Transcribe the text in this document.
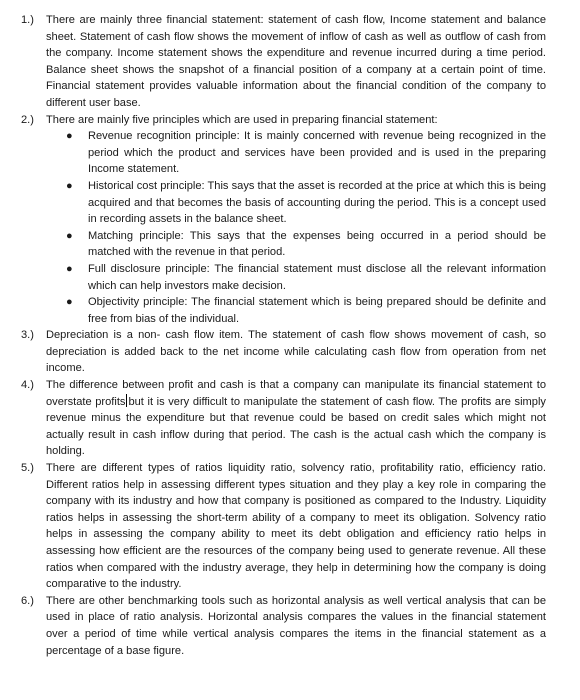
1.)	There are mainly three financial statement: statement of cash flow, Income statement and balance sheet. Statement of cash flow shows the movement of inflow of cash as well as outflow of cash from the company. Income statement shows the expenditure and revenue incurred during a time period. Balance sheet shows the snapshot of a financial position of a company at a certain point of time. Financial statement provides valuable information about the financial condition of the company to different user base.
2.)	There are mainly five principles which are used in preparing financial statement:
● Revenue recognition principle: It is mainly concerned with revenue being recognized in the period which the product and services have been provided and is used in the preparing Income statement.
● Historical cost principle: This says that the asset is recorded at the price at which this is being acquired and that becomes the basis of accounting during the period. This is a concept used in recording assets in the balance sheet.
● Matching principle: This says that the expenses being occurred in a period should be matched with the revenue in that period.
● Full disclosure principle: The financial statement must disclose all the relevant information which can help investors make decision.
● Objectivity principle: The financial statement which is being prepared should be definite and free from bias of the individual.
3.)	Depreciation is a non- cash flow item. The statement of cash flow shows movement of cash, so depreciation is added back to the net income while calculating cash flow from operation from net income.
4.)	The difference between profit and cash is that a company can manipulate its financial statement to overstate profits but it is very difficult to manipulate the statement of cash flow. The profits are simply revenue minus the expenditure but that revenue could be based on credit sales which might not actually result in cash inflow during that period. The cash is the actual cash which the company is holding.
5.)	There are different types of ratios liquidity ratio, solvency ratio, profitability ratio, efficiency ratio. Different ratios help in assessing different types situation and they play a key role in comparing the company with its industry and how that company is positioned as compared to the Industry. Liquidity ratios helps in assessing the short-term ability of a company to meet its obligation. Solvency ratio helps in assessing the company ability to meet its debt obligation and efficiency ratio helps in assessing how efficient are the resources of the company being used to generate revenue. All these ratios when compared with the industry average, they help in determining how the company is doing comparative to the industry.
6.)	There are other benchmarking tools such as horizontal analysis as well vertical analysis that can be used in place of ratio analysis. Horizontal analysis compares the values in the financial statement over a period of time while vertical analysis compares the items in the financial statement as a percentage of a base figure.
